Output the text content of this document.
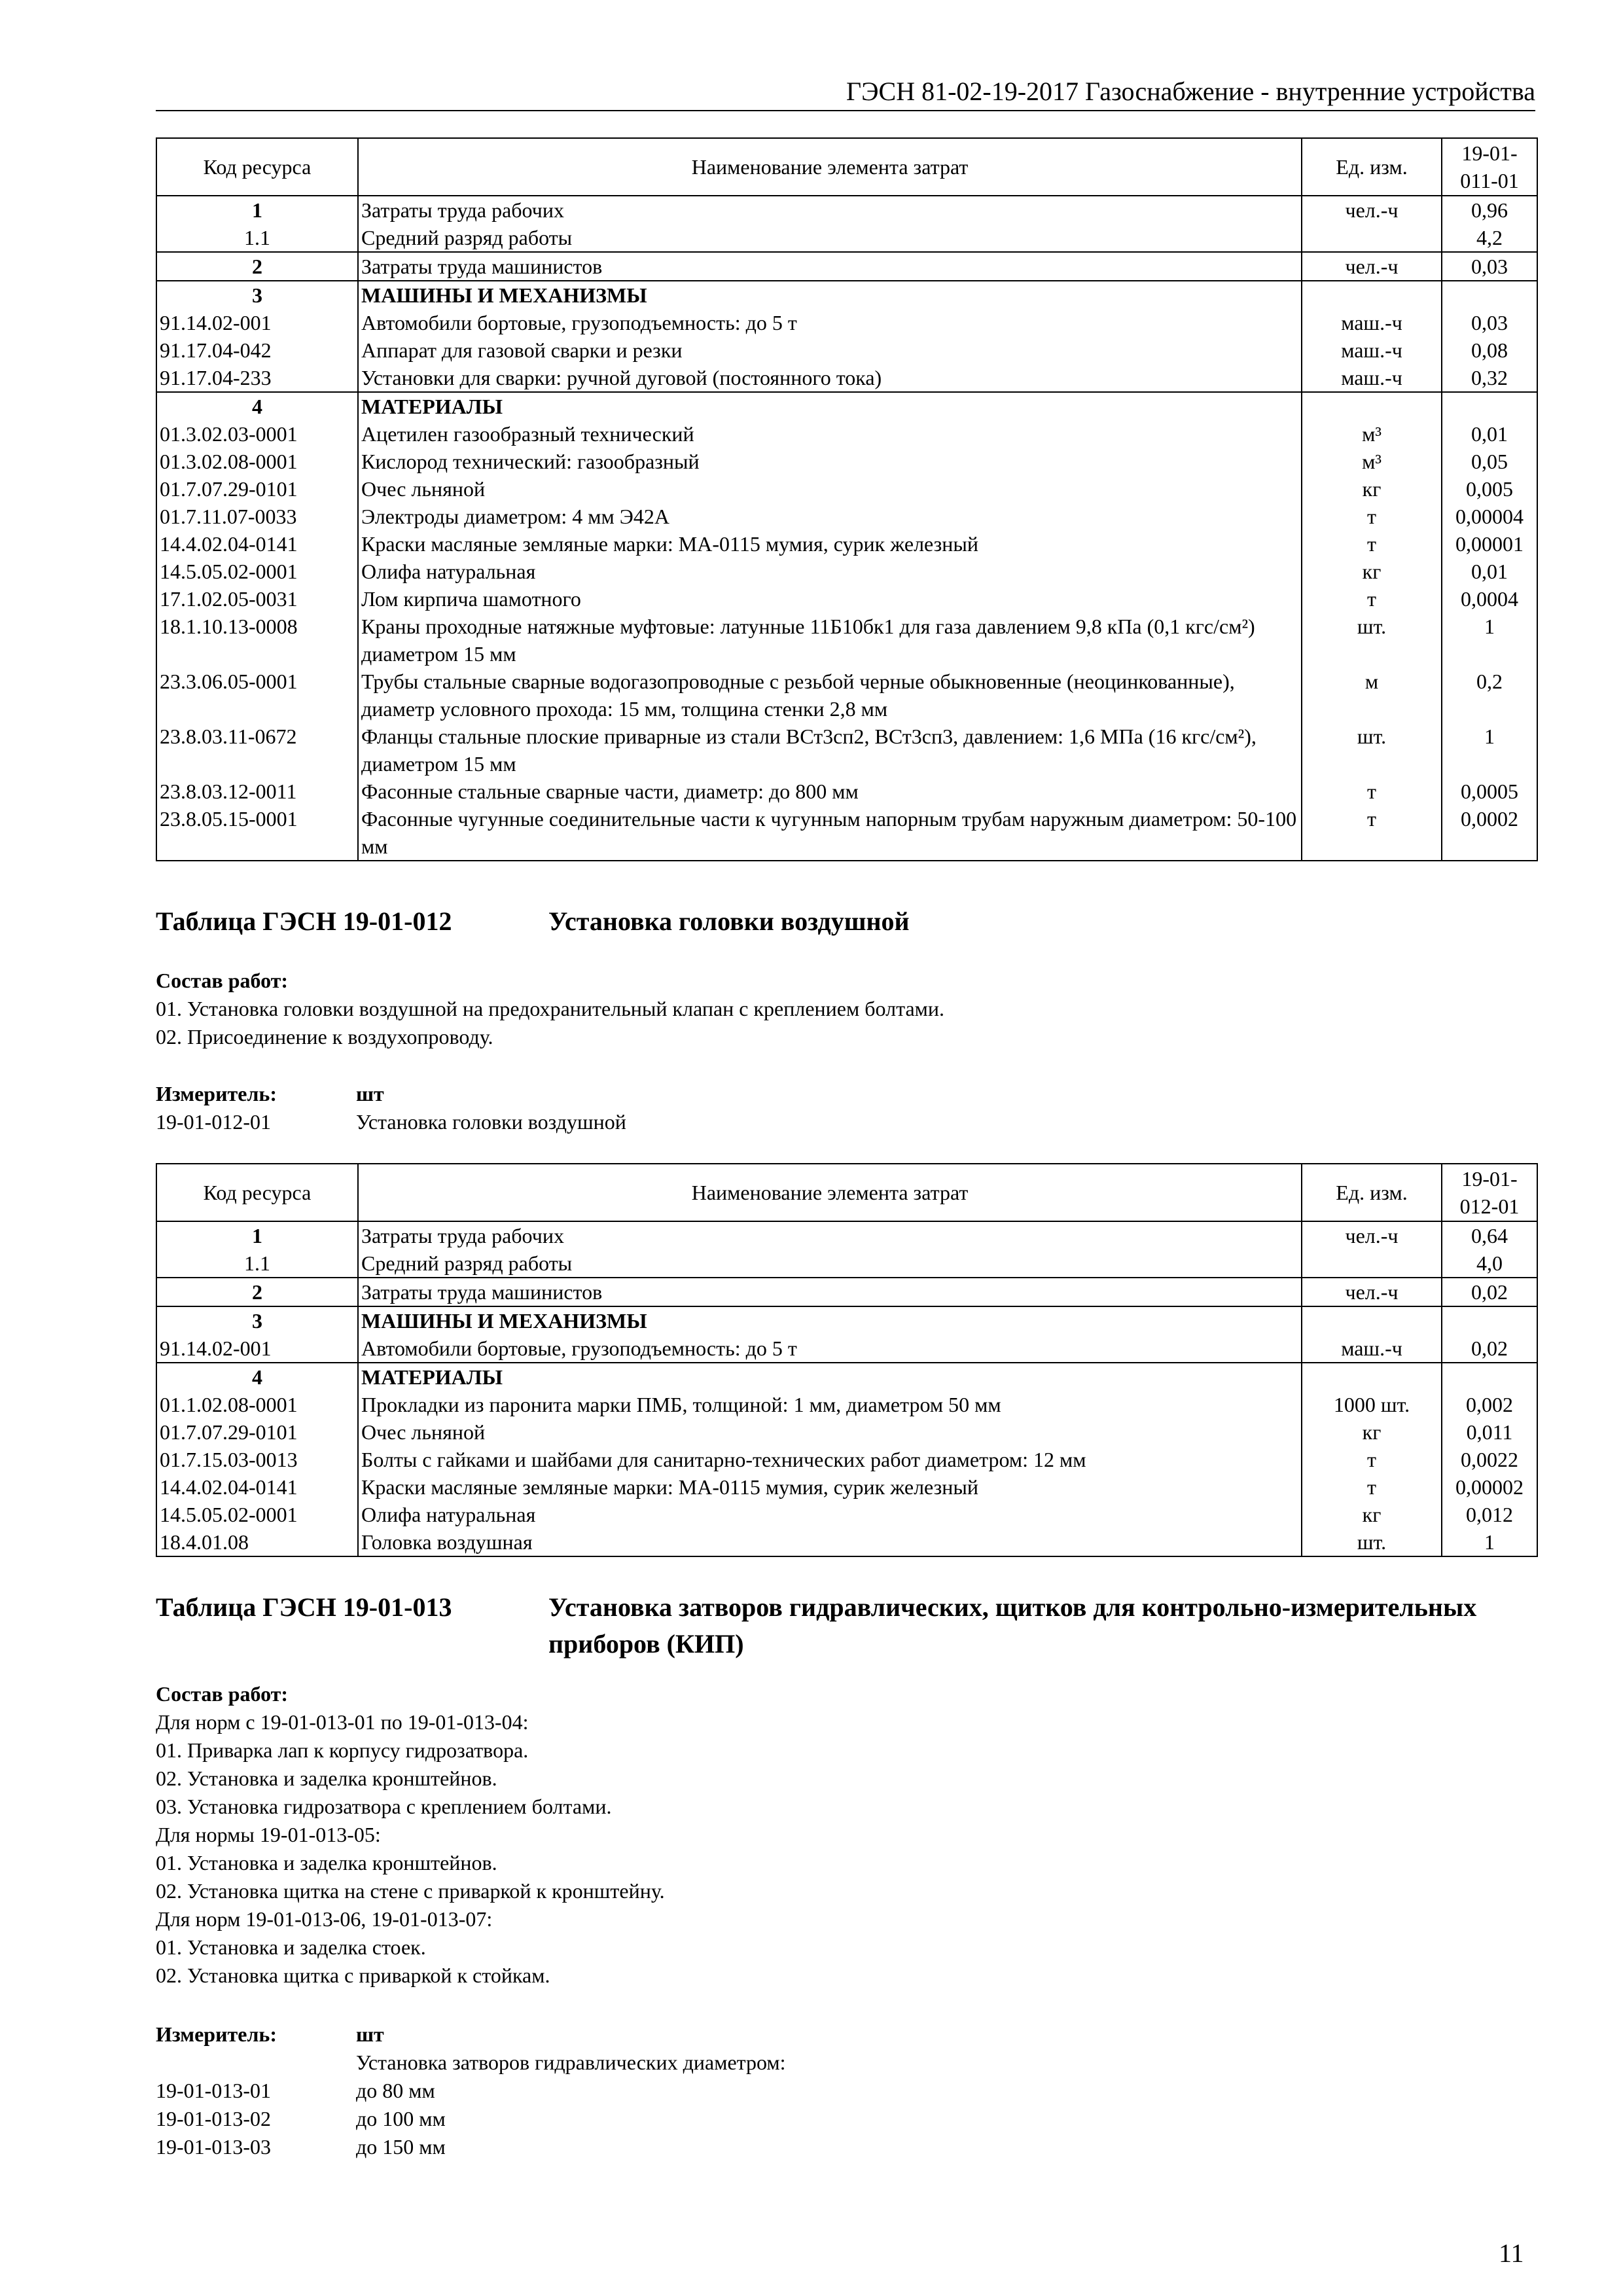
ГЭСН 81-02-19-2017 Газоснабжение - внутренние устройства
Код ресурса	Наименование элемента затрат	Ед. изм.	19-01-011-01
1	Затраты труда рабочих	чел.-ч	0,96
1.1	Средний разряд работы		4,2
2	Затраты труда машинистов	чел.-ч	0,03
3	МАШИНЫ И МЕХАНИЗМЫ		
91.14.02-001	Автомобили бортовые, грузоподъемность: до 5 т	маш.-ч	0,03
91.17.04-042	Аппарат для газовой сварки и резки	маш.-ч	0,08
91.17.04-233	Установки для сварки: ручной дуговой (постоянного тока)	маш.-ч	0,32
4	МАТЕРИАЛЫ		
01.3.02.03-0001	Ацетилен газообразный технический	м³	0,01
01.3.02.08-0001	Кислород технический: газообразный	м³	0,05
01.7.07.29-0101	Очес льняной	кг	0,005
01.7.11.07-0033	Электроды диаметром: 4 мм Э42А	т	0,00004
14.4.02.04-0141	Краски масляные земляные марки: МА-0115 мумия, сурик железный	т	0,00001
14.5.05.02-0001	Олифа натуральная	кг	0,01
17.1.02.05-0031	Лом кирпича шамотного	т	0,0004
18.1.10.13-0008	Краны проходные натяжные муфтовые: латунные 11Б10бк1 для газа давлением 9,8 кПа (0,1 кгс/см²) диаметром 15 мм	шт.	1
23.3.06.05-0001	Трубы стальные сварные водогазопроводные с резьбой черные обыкновенные (неоцинкованные), диаметр условного прохода: 15 мм, толщина стенки 2,8 мм	м	0,2
23.8.03.11-0672	Фланцы стальные плоские приварные из стали ВСт3сп2, ВСт3сп3, давлением: 1,6 МПа (16 кгс/см²), диаметром 15 мм	шт.	1
23.8.03.12-0011	Фасонные стальные сварные части, диаметр: до 800 мм	т	0,0005
23.8.05.15-0001	Фасонные чугунные соединительные части к чугунным напорным трубам наружным диаметром: 50-100 мм	т	0,0002
Таблица ГЭСН 19-01-012	Установка головки воздушной
Состав работ:
01. Установка головки воздушной на предохранительный клапан с креплением болтами.
02. Присоединение к воздухопроводу.
Измеритель:	шт
19-01-012-01	Установка головки воздушной
Код ресурса	Наименование элемента затрат	Ед. изм.	19-01-012-01
1	Затраты труда рабочих	чел.-ч	0,64
1.1	Средний разряд работы		4,0
2	Затраты труда машинистов	чел.-ч	0,02
3	МАШИНЫ И МЕХАНИЗМЫ		
91.14.02-001	Автомобили бортовые, грузоподъемность: до 5 т	маш.-ч	0,02
4	МАТЕРИАЛЫ		
01.1.02.08-0001	Прокладки из паронита марки ПМБ, толщиной: 1 мм, диаметром 50 мм	1000 шт.	0,002
01.7.07.29-0101	Очес льняной	кг	0,011
01.7.15.03-0013	Болты с гайками и шайбами для санитарно-технических работ диаметром: 12 мм	т	0,0022
14.4.02.04-0141	Краски масляные земляные марки: МА-0115 мумия, сурик железный	т	0,00002
14.5.05.02-0001	Олифа натуральная	кг	0,012
18.4.01.08	Головка воздушная	шт.	1
Таблица ГЭСН 19-01-013	Установка затворов гидравлических, щитков для контрольно-измерительных приборов (КИП)
Состав работ:
Для норм с 19-01-013-01 по 19-01-013-04:
01. Приварка лап к корпусу гидрозатвора.
02. Установка и заделка кронштейнов.
03. Установка гидрозатвора с креплением болтами.
Для нормы 19-01-013-05:
01. Установка и заделка кронштейнов.
02. Установка щитка на стене с приваркой к кронштейну.
Для норм 19-01-013-06, 19-01-013-07:
01. Установка и заделка стоек.
02. Установка щитка с приваркой к стойкам.
Измеритель:	шт
Установка затворов гидравлических диаметром:
19-01-013-01	до 80 мм
19-01-013-02	до 100 мм
19-01-013-03	до 150 мм
11
